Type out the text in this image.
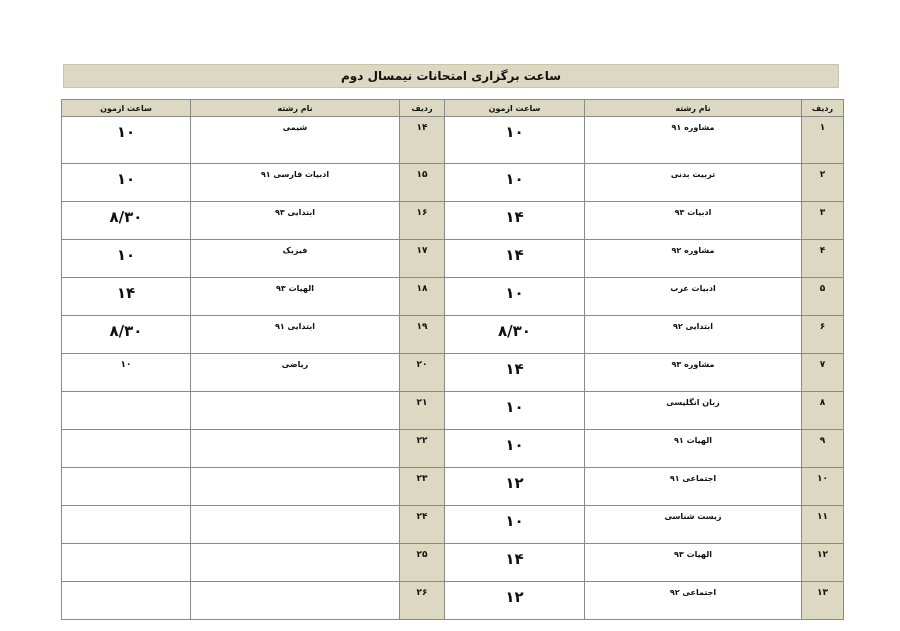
ساعت برگزاری امتحانات نیمسال دوم
ردیف	نام رشته	ساعت ازمون	ردیف	نام رشته	ساعت ازمون
۱	مشاوره ۹۱	۱۰	۱۴	شیمی	۱۰
۲	تربیت بدنی	۱۰	۱۵	ادبیات فارسی ۹۱	۱۰
۳	ادبیات ۹۳	۱۴	۱۶	ابتدایی ۹۳	۸/۳۰
۴	مشاوره ۹۲	۱۴	۱۷	فیزیک	۱۰
۵	ادبیات عرب	۱۰	۱۸	الهیات ۹۳	۱۴
۶	ابتدایی ۹۲	۸/۳۰	۱۹	ابتدایی ۹۱	۸/۳۰
۷	مشاوره ۹۳	۱۴	۲۰	ریاضی	۱۰
۸	زبان انگلیسی	۱۰	۲۱		
۹	الهیات ۹۱	۱۰	۲۲		
۱۰	اجتماعی ۹۱	۱۲	۲۳		
۱۱	زیست شناسی	۱۰	۲۴		
۱۲	الهیات ۹۳	۱۴	۲۵		
۱۳	اجتماعی ۹۲	۱۲	۲۶		
